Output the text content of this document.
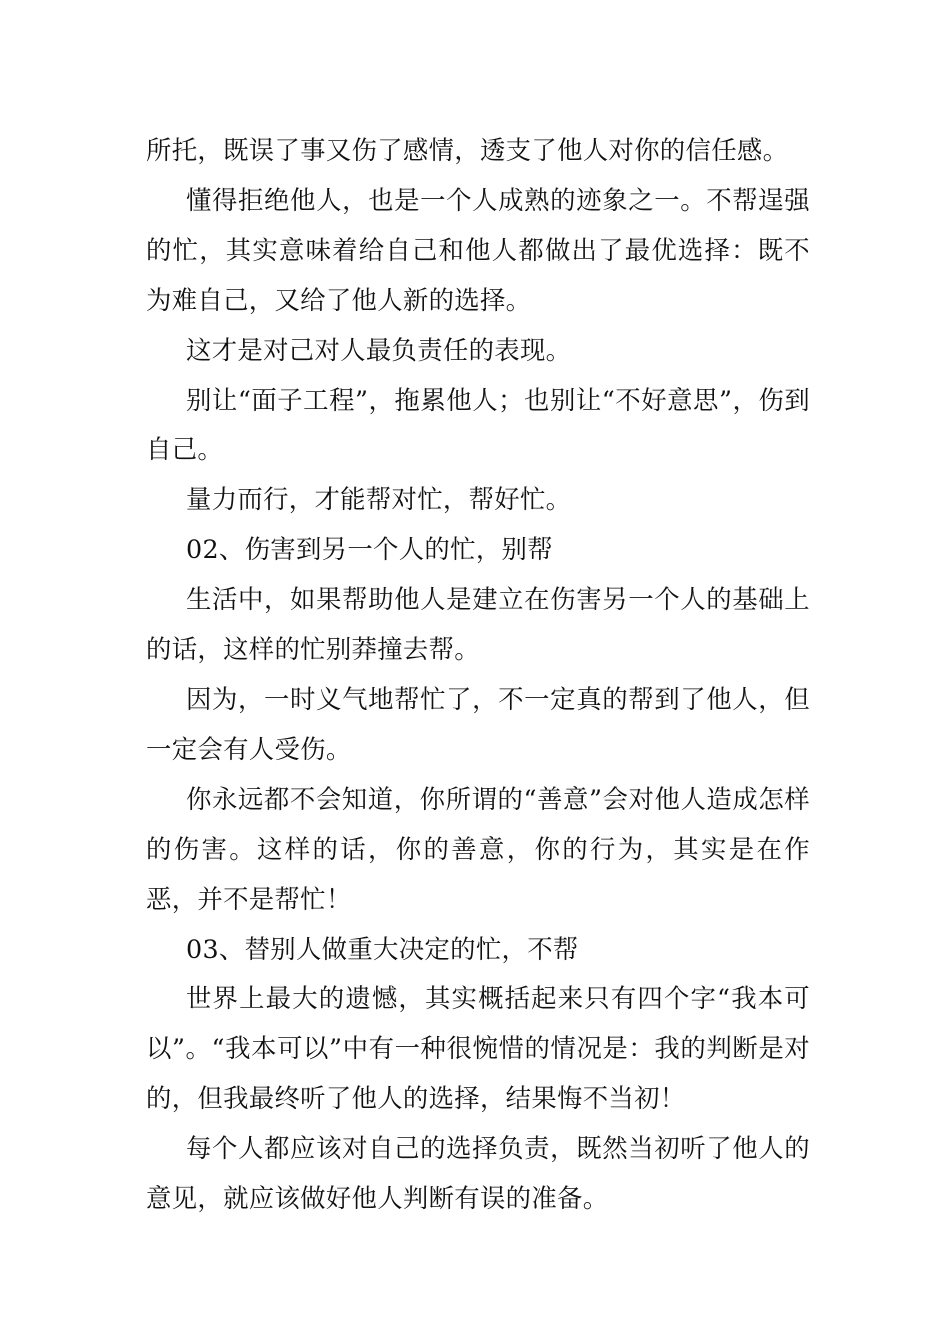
所托，既误了事又伤了感情，透支了他人对你的信任感。

懂得拒绝他人，也是一个人成熟的迹象之一。不帮逞强的忙，其实意味着给自己和他人都做出了最优选择：既不为难自己，又给了他人新的选择。

这才是对己对人最负责任的表现。

别让“面子工程”，拖累他人；也别让“不好意思”，伤到自己。

量力而行，才能帮对忙，帮好忙。

02、伤害到另一个人的忙，别帮

生活中，如果帮助他人是建立在伤害另一个人的基础上的话，这样的忙别莽撞去帮。

因为，一时义气地帮忙了，不一定真的帮到了他人，但一定会有人受伤。

你永远都不会知道，你所谓的“善意”会对他人造成怎样的伤害。这样的话，你的善意，你的行为，其实是在作恶，并不是帮忙！

03、替别人做重大决定的忙，不帮

世界上最大的遗憾，其实概括起来只有四个字“我本可以”。“我本可以”中有一种很惋惜的情况是：我的判断是对的，但我最终听了他人的选择，结果悔不当初！

每个人都应该对自己的选择负责，既然当初听了他人的意见，就应该做好他人判断有误的准备。
